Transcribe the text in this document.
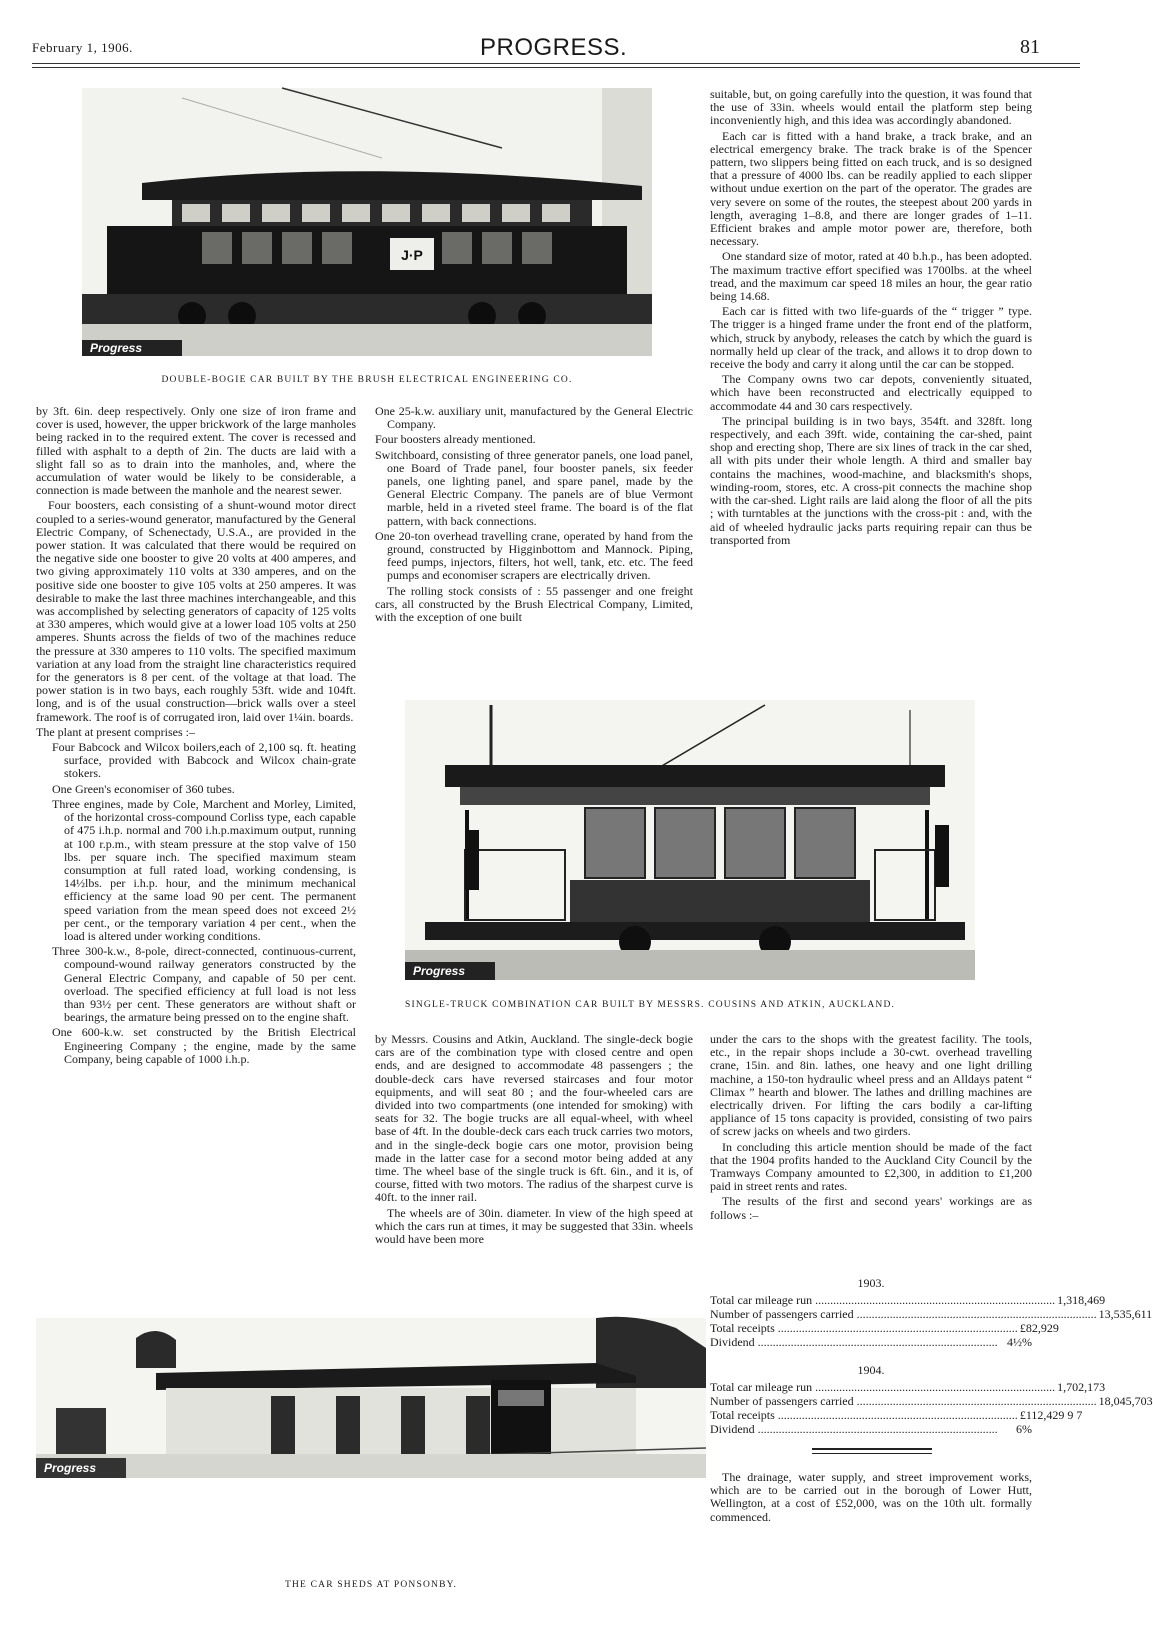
February 1, 1906.	PROGRESS.	81
J·P
Progress
DOUBLE-BOGIE CAR BUILT BY THE BRUSH ELECTRICAL ENGINEERING CO.

suitable, but, on going carefully into the question, it was found that the use of 33in. wheels would entail the platform step being inconveniently high, and this idea was accordingly abandoned.

Each car is fitted with a hand brake, a track brake, and an electrical emergency brake. The track brake is of the Spencer pattern, two slippers being fitted on each truck, and is so designed that a pressure of 4000 lbs. can be readily applied to each slipper without undue exertion on the part of the operator. The grades are very severe on some of the routes, the steepest about 200 yards in length, averaging 1–8.8, and there are longer grades of 1–11. Efficient brakes and ample motor power are, therefore, both necessary.

One standard size of motor, rated at 40 b.h.p., has been adopted. The maximum tractive effort specified was 1700lbs. at the wheel tread, and the maximum car speed 18 miles an hour, the gear ratio being 14.68.

Each car is fitted with two life-guards of the “ trigger ” type. The trigger is a hinged frame under the front end of the platform, which, struck by anybody, releases the catch by which the guard is normally held up clear of the track, and allows it to drop down to receive the body and carry it along until the car can be stopped.

The Company owns two car depots, conveniently situated, which have been reconstructed and electrically equipped to accommodate 44 and 30 cars respectively.

The principal building is in two bays, 354ft. and 328ft. long respectively, and each 39ft. wide, containing the car-shed, paint shop and erecting shop, There are six lines of track in the car shed, all with pits under their whole length. A third and smaller bay contains the machines, wood-machine, and blacksmith's shops, winding-room, stores, etc. A cross-pit connects the machine shop with the car-shed. Light rails are laid along the floor of all the pits ; with turntables at the junctions with the cross-pit : and, with the aid of wheeled hydraulic jacks parts requiring repair can thus be transported from

by 3ft. 6in. deep respectively. Only one size of iron frame and cover is used, however, the upper brickwork of the large manholes being racked in to the required extent. The cover is recessed and filled with asphalt to a depth of 2in. The ducts are laid with a slight fall so as to drain into the manholes, and, where the accumulation of water would be likely to be considerable, a connection is made between the manhole and the nearest sewer.

Four boosters, each consisting of a shunt-wound motor direct coupled to a series-wound generator, manufactured by the General Electric Company, of Schenectady, U.S.A., are provided in the power station. It was calculated that there would be required on the negative side one booster to give 20 volts at 400 amperes, and two giving approximately 110 volts at 330 amperes, and on the positive side one booster to give 105 volts at 250 amperes. It was desirable to make the last three machines interchangeable, and this was accomplished by selecting generators of capacity of 125 volts at 330 amperes, which would give at a lower load 105 volts at 250 amperes. Shunts across the fields of two of the machines reduce the pressure at 330 amperes to 110 volts. The specified maximum variation at any load from the straight line characteristics required for the generators is 8 per cent. of the voltage at that load. The power station is in two bays, each roughly 53ft. wide and 104ft. long, and is of the usual construction—brick walls over a steel framework. The roof is of corrugated iron, laid over 1¼in. boards.

The plant at present comprises :–

Four Babcock and Wilcox boilers,each of 2,100 sq. ft. heating surface, provided with Babcock and Wilcox chain-grate stokers.

One Green's economiser of 360 tubes.

Three engines, made by Cole, Marchent and Morley, Limited, of the horizontal cross-compound Corliss type, each capable of 475 i.h.p. normal and 700 i.h.p.maximum output, running at 100 r.p.m., with steam pressure at the stop valve of 150 lbs. per square inch. The specified maximum steam consumption at full rated load, working condensing, is 14½lbs. per i.h.p. hour, and the minimum mechanical efficiency at the same load 90 per cent. The permanent speed variation from the mean speed does not exceed 2½ per cent., or the temporary variation 4 per cent., when the load is altered under working conditions.

Three 300-k.w., 8-pole, direct-connected, continuous-current, compound-wound railway generators constructed by the General Electric Company, and capable of 50 per cent. overload. The specified efficiency at full load is not less than 93½ per cent. These generators are without shaft or bearings, the armature being pressed on to the engine shaft.

One 600-k.w. set constructed by the British Electrical Engineering Company ; the engine, made by the same Company, being capable of 1000 i.h.p.

One 25-k.w. auxiliary unit, manufactured by the General Electric Company.

Four boosters already mentioned.

Switchboard, consisting of three generator panels, one load panel, one Board of Trade panel, four booster panels, six feeder panels, one lighting panel, and spare panel, made by the General Electric Company. The panels are of blue Vermont marble, held in a riveted steel frame. The board is of the flat pattern, with back connections.

One 20-ton overhead travelling crane, operated by hand from the ground, constructed by Higginbottom and Mannock. Piping, feed pumps, injectors, filters, hot well, tank, etc. etc. The feed pumps and economiser scrapers are electrically driven.

The rolling stock consists of : 55 passenger and one freight cars, all constructed by the Brush Electrical Company, Limited, with the exception of one built

Progress
SINGLE-TRUCK COMBINATION CAR BUILT BY MESSRS. COUSINS AND ATKIN, AUCKLAND.

by Messrs. Cousins and Atkin, Auckland. The single-deck bogie cars are of the combination type with closed centre and open ends, and are designed to accommodate 48 passengers ; the double-deck cars have reversed staircases and four motor equipments, and will seat 80 ; and the four-wheeled cars are divided into two compartments (one intended for smoking) with seats for 32. The bogie trucks are all equal-wheel, with wheel base of 4ft. In the double-deck cars each truck carries two motors, and in the single-deck bogie cars one motor, provision being made in the latter case for a second motor being added at any time. The wheel base of the single truck is 6ft. 6in., and it is, of course, fitted with two motors. The radius of the sharpest curve is 40ft. to the inner rail.

The wheels are of 30in. diameter. In view of the high speed at which the cars run at times, it may be suggested that 33in. wheels would have been more

under the cars to the shops with the greatest facility. The tools, etc., in the repair shops include a 30-cwt. overhead travelling crane, 15in. and 8in. lathes, one heavy and one light drilling machine, a 150-ton hydraulic wheel press and an Alldays patent “ Climax ” hearth and blower. The lathes and drilling machines are electrically driven. For lifting the cars bodily a car-lifting appliance of 15 tons capacity is provided, consisting of two pairs of screw jacks on wheels and two girders.

In concluding this article mention should be made of the fact that the 1904 profits handed to the Auckland City Council by the Tramways Company amounted to £2,300, in addition to £1,200 paid in street rents and rates.

The results of the first and second years' workings are as follows :–

1903.
Total car mileage run ................................................................................ 1,318,469
Number of passengers carried ................................................................................ 13,535,611
Total receipts ................................................................................ £82,929
Dividend ................................................................................ 4½%
1904.
Total car mileage run ................................................................................ 1,702,173
Number of passengers carried ................................................................................ 18,045,703
Total receipts ................................................................................ £112,429 9 7
Dividend ................................................................................	6%

The drainage, water supply, and street improvement works, which are to be carried out in the borough of Lower Hutt, Wellington, at a cost of £52,000, was on the 10th ult. formally commenced.

Progress
THE CAR SHEDS AT PONSONBY.
